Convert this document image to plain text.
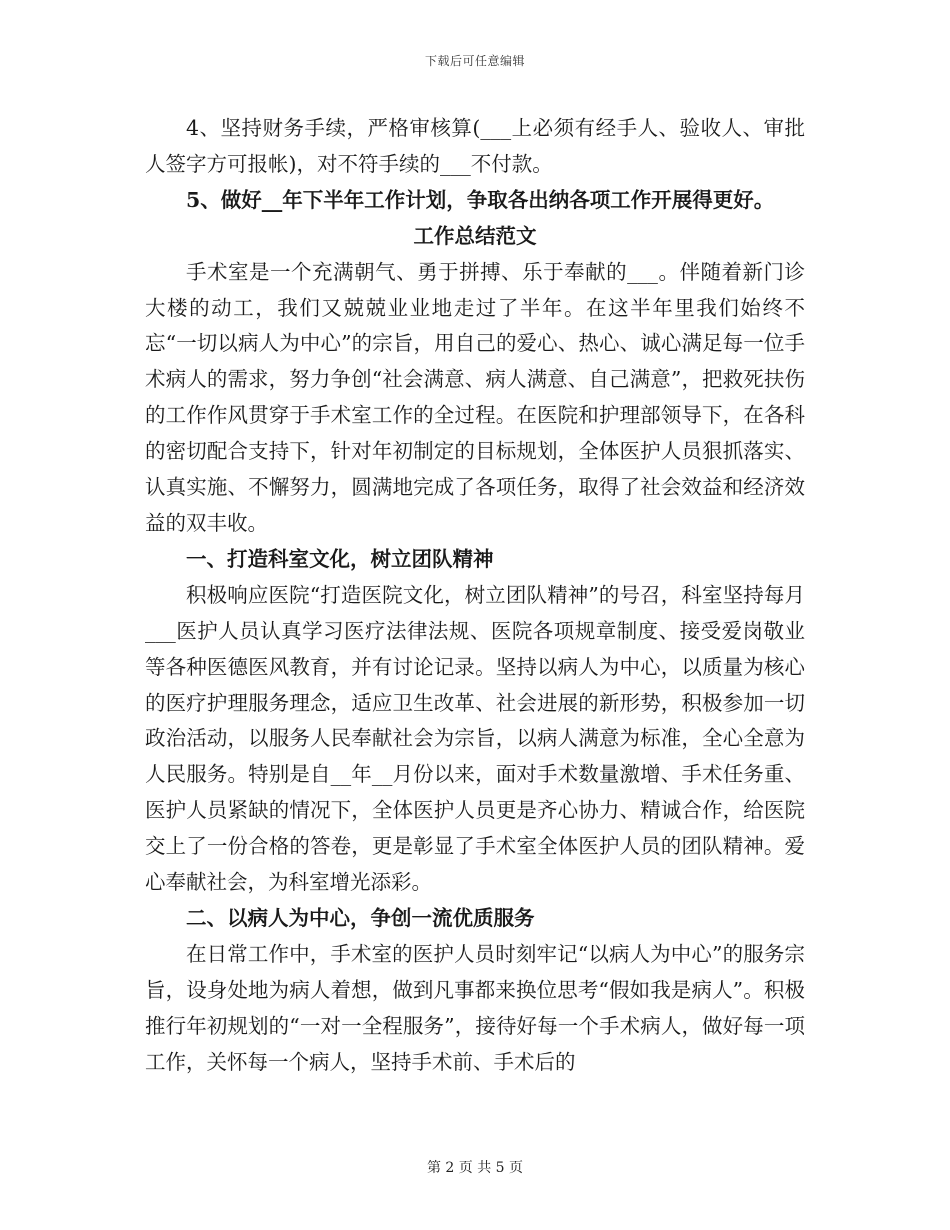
下载后可任意编辑

4、坚持财务手续，严格审核算(___上必须有经手人、验收人、审批人签字方可报帐)，对不符手续的___不付款。

5、做好__年下半年工作计划，争取各出纳各项工作开展得更好。

工作总结范文

手术室是一个充满朝气、勇于拼搏、乐于奉献的___。伴随着新门诊大楼的动工，我们又兢兢业业地走过了半年。在这半年里我们始终不忘“一切以病人为中心”的宗旨，用自己的爱心、热心、诚心满足每一位手术病人的需求，努力争创“社会满意、病人满意、自己满意”，把救死扶伤的工作作风贯穿于手术室工作的全过程。在医院和护理部领导下，在各科的密切配合支持下，针对年初制定的目标规划，全体医护人员狠抓落实、认真实施、不懈努力，圆满地完成了各项任务，取得了社会效益和经济效益的双丰收。

一、打造科室文化，树立团队精神

积极响应医院“打造医院文化，树立团队精神”的号召，科室坚持每月___医护人员认真学习医疗法律法规、医院各项规章制度、接受爱岗敬业等各种医德医风教育，并有讨论记录。坚持以病人为中心，以质量为核心的医疗护理服务理念，适应卫生改革、社会进展的新形势，积极参加一切政治活动，以服务人民奉献社会为宗旨，以病人满意为标准，全心全意为人民服务。特别是自__年__月份以来，面对手术数量激增、手术任务重、医护人员紧缺的情况下，全体医护人员更是齐心协力、精诚合作，给医院交上了一份合格的答卷，更是彰显了手术室全体医护人员的团队精神。爱心奉献社会，为科室增光添彩。

二、以病人为中心，争创一流优质服务

在日常工作中，手术室的医护人员时刻牢记“以病人为中心”的服务宗旨，设身处地为病人着想，做到凡事都来换位思考“假如我是病人”。积极推行年初规划的“一对一全程服务”，接待好每一个手术病人，做好每一项工作，关怀每一个病人，坚持手术前、手术后的

第 2 页 共 5 页
